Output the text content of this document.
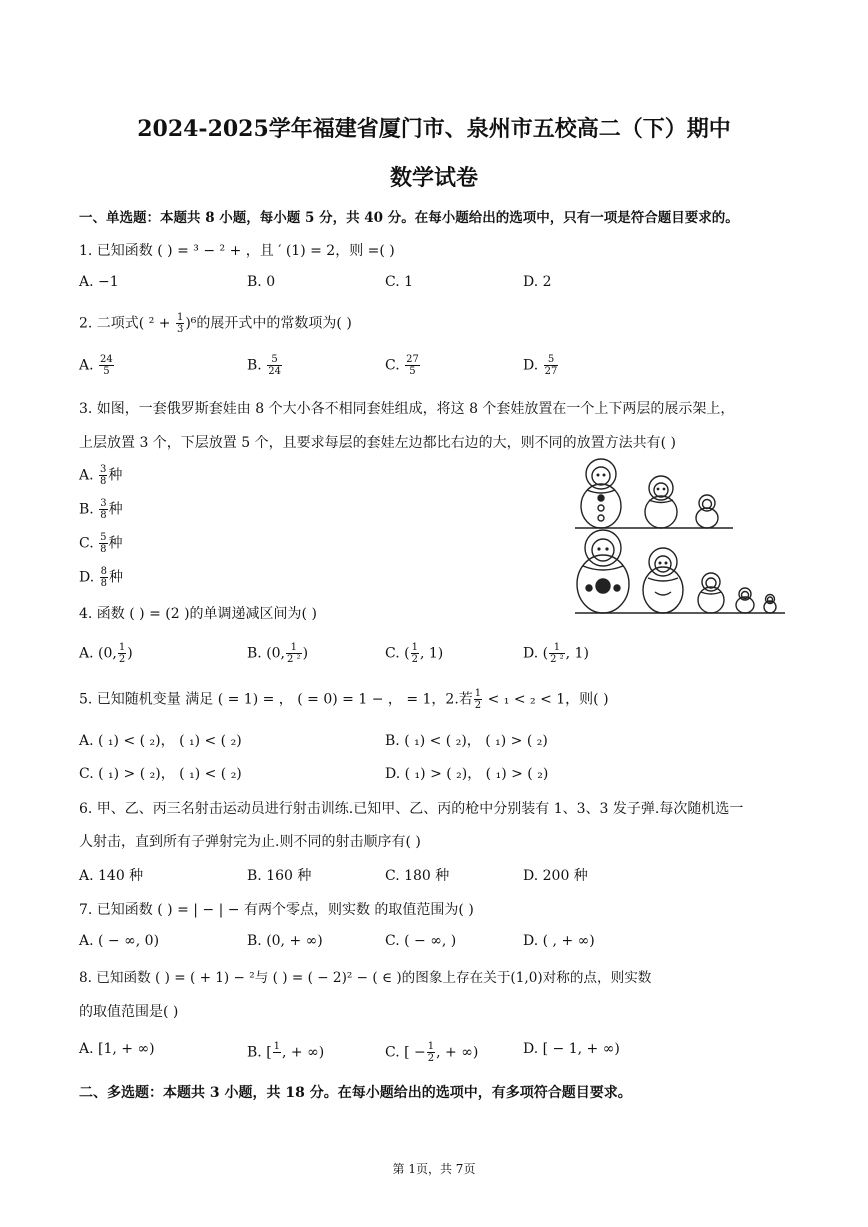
2024-2025学年福建省厦门市、泉州市五校高二（下）期中
数学试卷
一、单选题：本题共 8 小题，每小题 5 分，共 40 分。在每小题给出的选项中，只有一项是符合题目要求的。
1. 已知函数 ( ) = ³ − ² + ，且 ′ (1) = 2，则 =( )
A. −1	B. 0	C. 1	D. 2
2. 二项式( $^2 + \frac{1}{3} )^6$的展开式中的常数项为( )
A. $\frac{24}{5}$	B. $\frac{5}{24}$	C. $\frac{27}{5}$	D. $\frac{5}{27}$
3. 如图，一套俄罗斯套娃由 8 个大小各不相同套娃组成，将这 8 个套娃放置在一个上下两层的展示架上，
上层放置 3 个，下层放置 5 个，且要求每层的套娃左边都比右边的大，则不同的放置方法共有( )
A. $\frac{3}{8}$ 种
B. $\frac{3}{8}$ 种
C. $\frac{5}{8}$ 种
D. $\frac{8}{8}$ 种
4. 函数 ( ) = (2 )的单调递减区间为( )
A. (0, $\frac{1}{2}$ )	B. (0, $\frac{1}{\text{2 ²}}$ )	C. ( $\frac{1}{2}$ , 1)	D. ( $\frac{1}{\text{2 ²}}$ , 1)
5. 已知随机变量 满足 ( = 1) = ， ( = 0) = 1 − ， = 1，2.若 $\frac{1}{2} < _1 < _2 < 1$，则( )
A. ( ₁) < ( ₂)， ( ₁) < ( ₂)	B. ( ₁) < ( ₂)， ( ₁) > ( ₂)
C. ( ₁) > ( ₂)， ( ₁) < ( ₂)	D. ( ₁) > ( ₂)， ( ₁) > ( ₂)
6. 甲、乙、丙三名射击运动员进行射击训练.已知甲、乙、丙的枪中分别装有 1、3、3 发子弹.每次随机选一
人射击，直到所有子弹射完为止.则不同的射击顺序有( )
A. 140 种	B. 160 种	C. 180 种	D. 200 种
7. 已知函数 ( ) = | − | − 有两个零点，则实数 的取值范围为( )
A. ( − ∞, 0)	B. (0, + ∞)	C. ( − ∞, )	D. ( , + ∞)
8. 已知函数 ( ) = ( + 1) − ²与 ( ) = ( − 2)² − ( ∈ )的图象上存在关于(1,0)对称的点，则实数
的取值范围是( )
A. [1, + ∞)	B. [ 1
, + ∞)	C. [ − $\frac{1}{2}$ , + ∞)	D. [ − 1, + ∞)
二、多选题：本题共 3 小题，共 18 分。在每小题给出的选项中，有多项符合题目要求。
第 1页，共 7页
